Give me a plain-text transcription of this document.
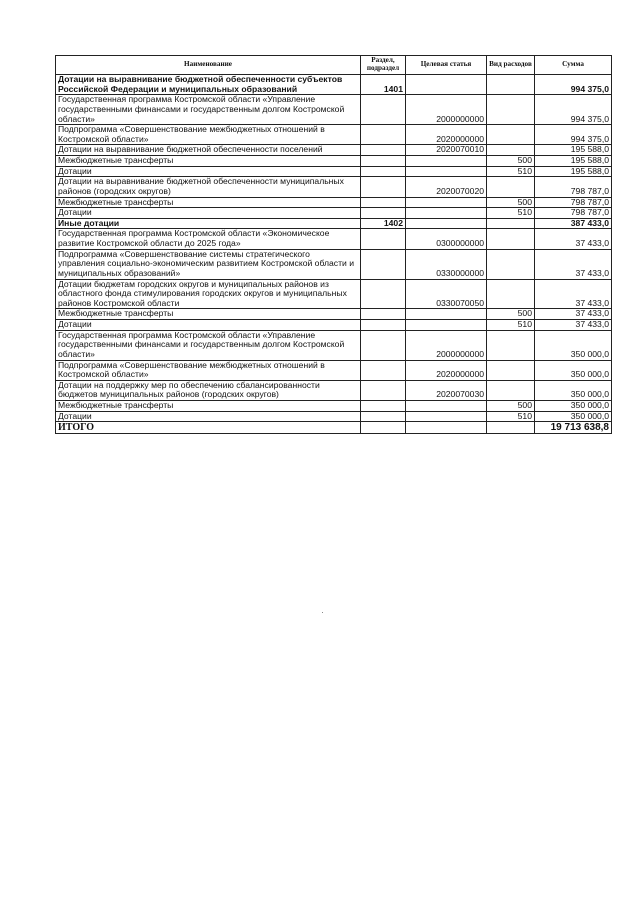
Наименование	Раздел, подраздел	Целевая статья	Вид расходов	Сумма
Дотации на выравнивание бюджетной обеспеченности субъектов Российской Федерации и муниципальных образований	1401			994 375,0
Государственная программа Костромской области «Управление государственными финансами и государственным долгом Костромской области»		2000000000		994 375,0
Подпрограмма «Совершенствование межбюджетных отношений в Костромской области»		2020000000		994 375,0
Дотации на выравнивание бюджетной обеспеченности поселений		2020070010		195 588,0
Межбюджетные трансферты			500	195 588,0
Дотации			510	195 588,0
Дотации на выравнивание бюджетной обеспеченности муниципальных районов (городских округов)		2020070020		798 787,0
Межбюджетные трансферты			500	798 787,0
Дотации			510	798 787,0
Иные дотации	1402			387 433,0
Государственная программа Костромской области «Экономическое развитие Костромской области до 2025 года»		0300000000		37 433,0
Подпрограмма «Совершенствование системы стратегического управления социально-экономическим развитием Костромской области и муниципальных образований»		0330000000		37 433,0
Дотации бюджетам городских округов и муниципальных районов из областного фонда стимулирования городских округов и муниципальных районов Костромской области		0330070050		37 433,0
Межбюджетные трансферты			500	37 433,0
Дотации			510	37 433,0
Государственная программа Костромской области «Управление государственными финансами и государственным долгом Костромской области»		2000000000		350 000,0
Подпрограмма «Совершенствование межбюджетных отношений в Костромской области»		2020000000		350 000,0
Дотации на поддержку мер по обеспечению сбалансированности бюджетов муниципальных районов (городских округов)		2020070030		350 000,0
Межбюджетные трансферты			500	350 000,0
Дотации			510	350 000,0
ИТОГО				19 713 638,8
